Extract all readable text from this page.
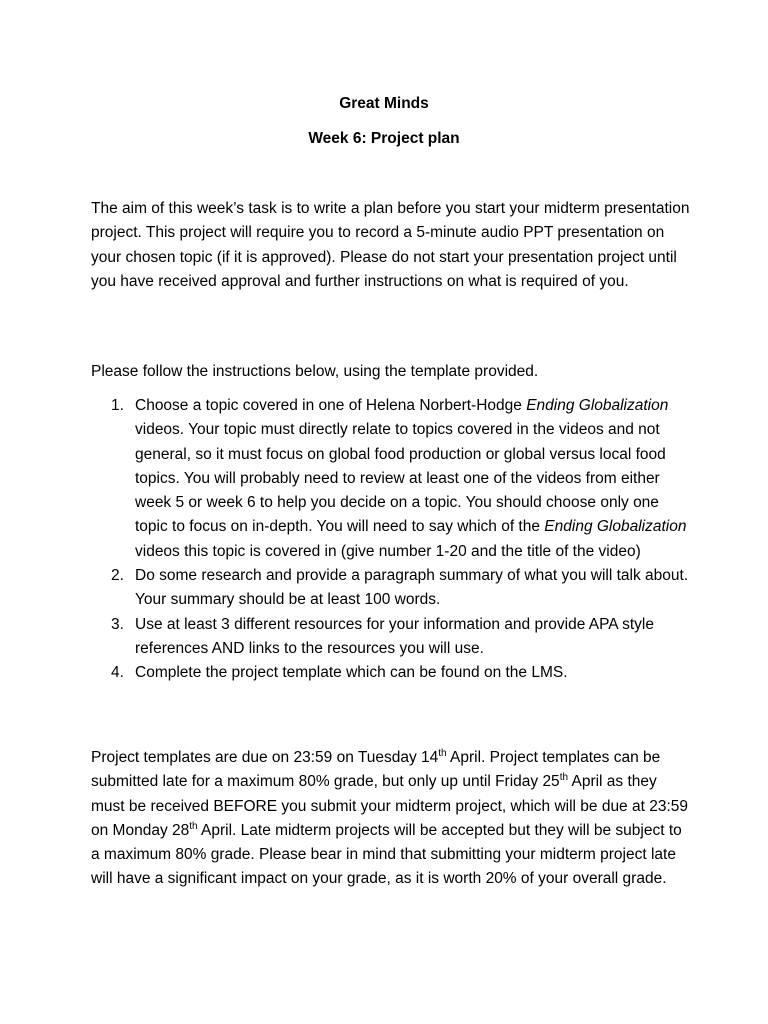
Great Minds

Week 6: Project plan

The aim of this week’s task is to write a plan before you start your midterm presentation project. This project will require you to record a 5-minute audio PPT presentation on your chosen topic (if it is approved). Please do not start your presentation project until you have received approval and further instructions on what is required of you.

Please follow the instructions below, using the template provided.

1. Choose a topic covered in one of Helena Norbert-Hodge Ending Globalization videos. Your topic must directly relate to topics covered in the videos and not general, so it must focus on global food production or global versus local food topics. You will probably need to review at least one of the videos from either week 5 or week 6 to help you decide on a topic. You should choose only one topic to focus on in-depth. You will need to say which of the Ending Globalization videos this topic is covered in (give number 1-20 and the title of the video)
2. Do some research and provide a paragraph summary of what you will talk about. Your summary should be at least 100 words.
3. Use at least 3 different resources for your information and provide APA style references AND links to the resources you will use.
4. Complete the project template which can be found on the LMS.

Project templates are due on 23:59 on Tuesday 14th April. Project templates can be submitted late for a maximum 80% grade, but only up until Friday 25th April as they must be received BEFORE you submit your midterm project, which will be due at 23:59 on Monday 28th April. Late midterm projects will be accepted but they will be subject to a maximum 80% grade. Please bear in mind that submitting your midterm project late will have a significant impact on your grade, as it is worth 20% of your overall grade.
